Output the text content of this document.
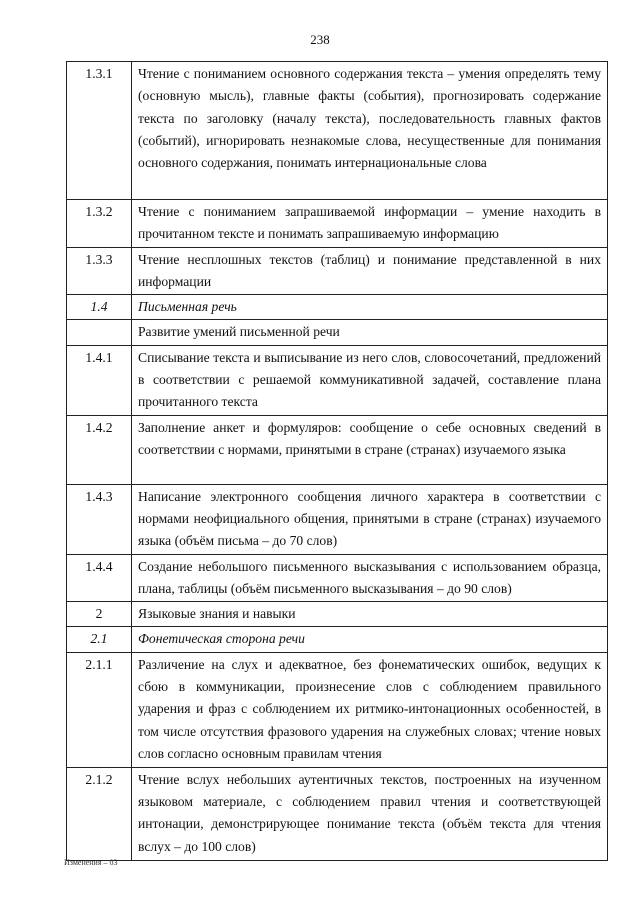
238
1.3.1	Чтение с пониманием основного содержания текста – умения определять тему (основную мысль), главные факты (события), прогнозировать содержание текста по заголовку (началу текста), последовательность главных фактов (событий), игнорировать незнакомые слова, несущественные для понимания основного содержания, понимать интернациональные слова
1.3.2	Чтение с пониманием запрашиваемой информации – умение находить в прочитанном тексте и понимать запрашиваемую информацию
1.3.3	Чтение несплошных текстов (таблиц) и понимание представленной в них информации
1.4	Письменная речь
	Развитие умений письменной речи
1.4.1	Списывание текста и выписывание из него слов, словосочетаний, предложений в соответствии с решаемой коммуникативной задачей, составление плана прочитанного текста
1.4.2	Заполнение анкет и формуляров: сообщение о себе основных сведений в соответствии с нормами, принятыми в стране (странах) изучаемого языка
1.4.3	Написание электронного сообщения личного характера в соответствии с нормами неофициального общения, принятыми в стране (странах) изучаемого языка (объём письма – до 70 слов)
1.4.4	Создание небольшого письменного высказывания с использованием образца, плана, таблицы (объём письменного высказывания – до 90 слов)
2	Языковые знания и навыки
2.1	Фонетическая сторона речи
2.1.1	Различение на слух и адекватное, без фонематических ошибок, ведущих к сбою в коммуникации, произнесение слов с соблюдением правильного ударения и фраз с соблюдением их ритмико-интонационных особенностей, в том числе отсутствия фразового ударения на служебных словах; чтение новых слов согласно основным правилам чтения
2.1.2	Чтение вслух небольших аутентичных текстов, построенных на изученном языковом материале, с соблюдением правил чтения и соответствующей интонации, демонстрирующее понимание текста (объём текста для чтения вслух – до 100 слов)
Изменения – 03
